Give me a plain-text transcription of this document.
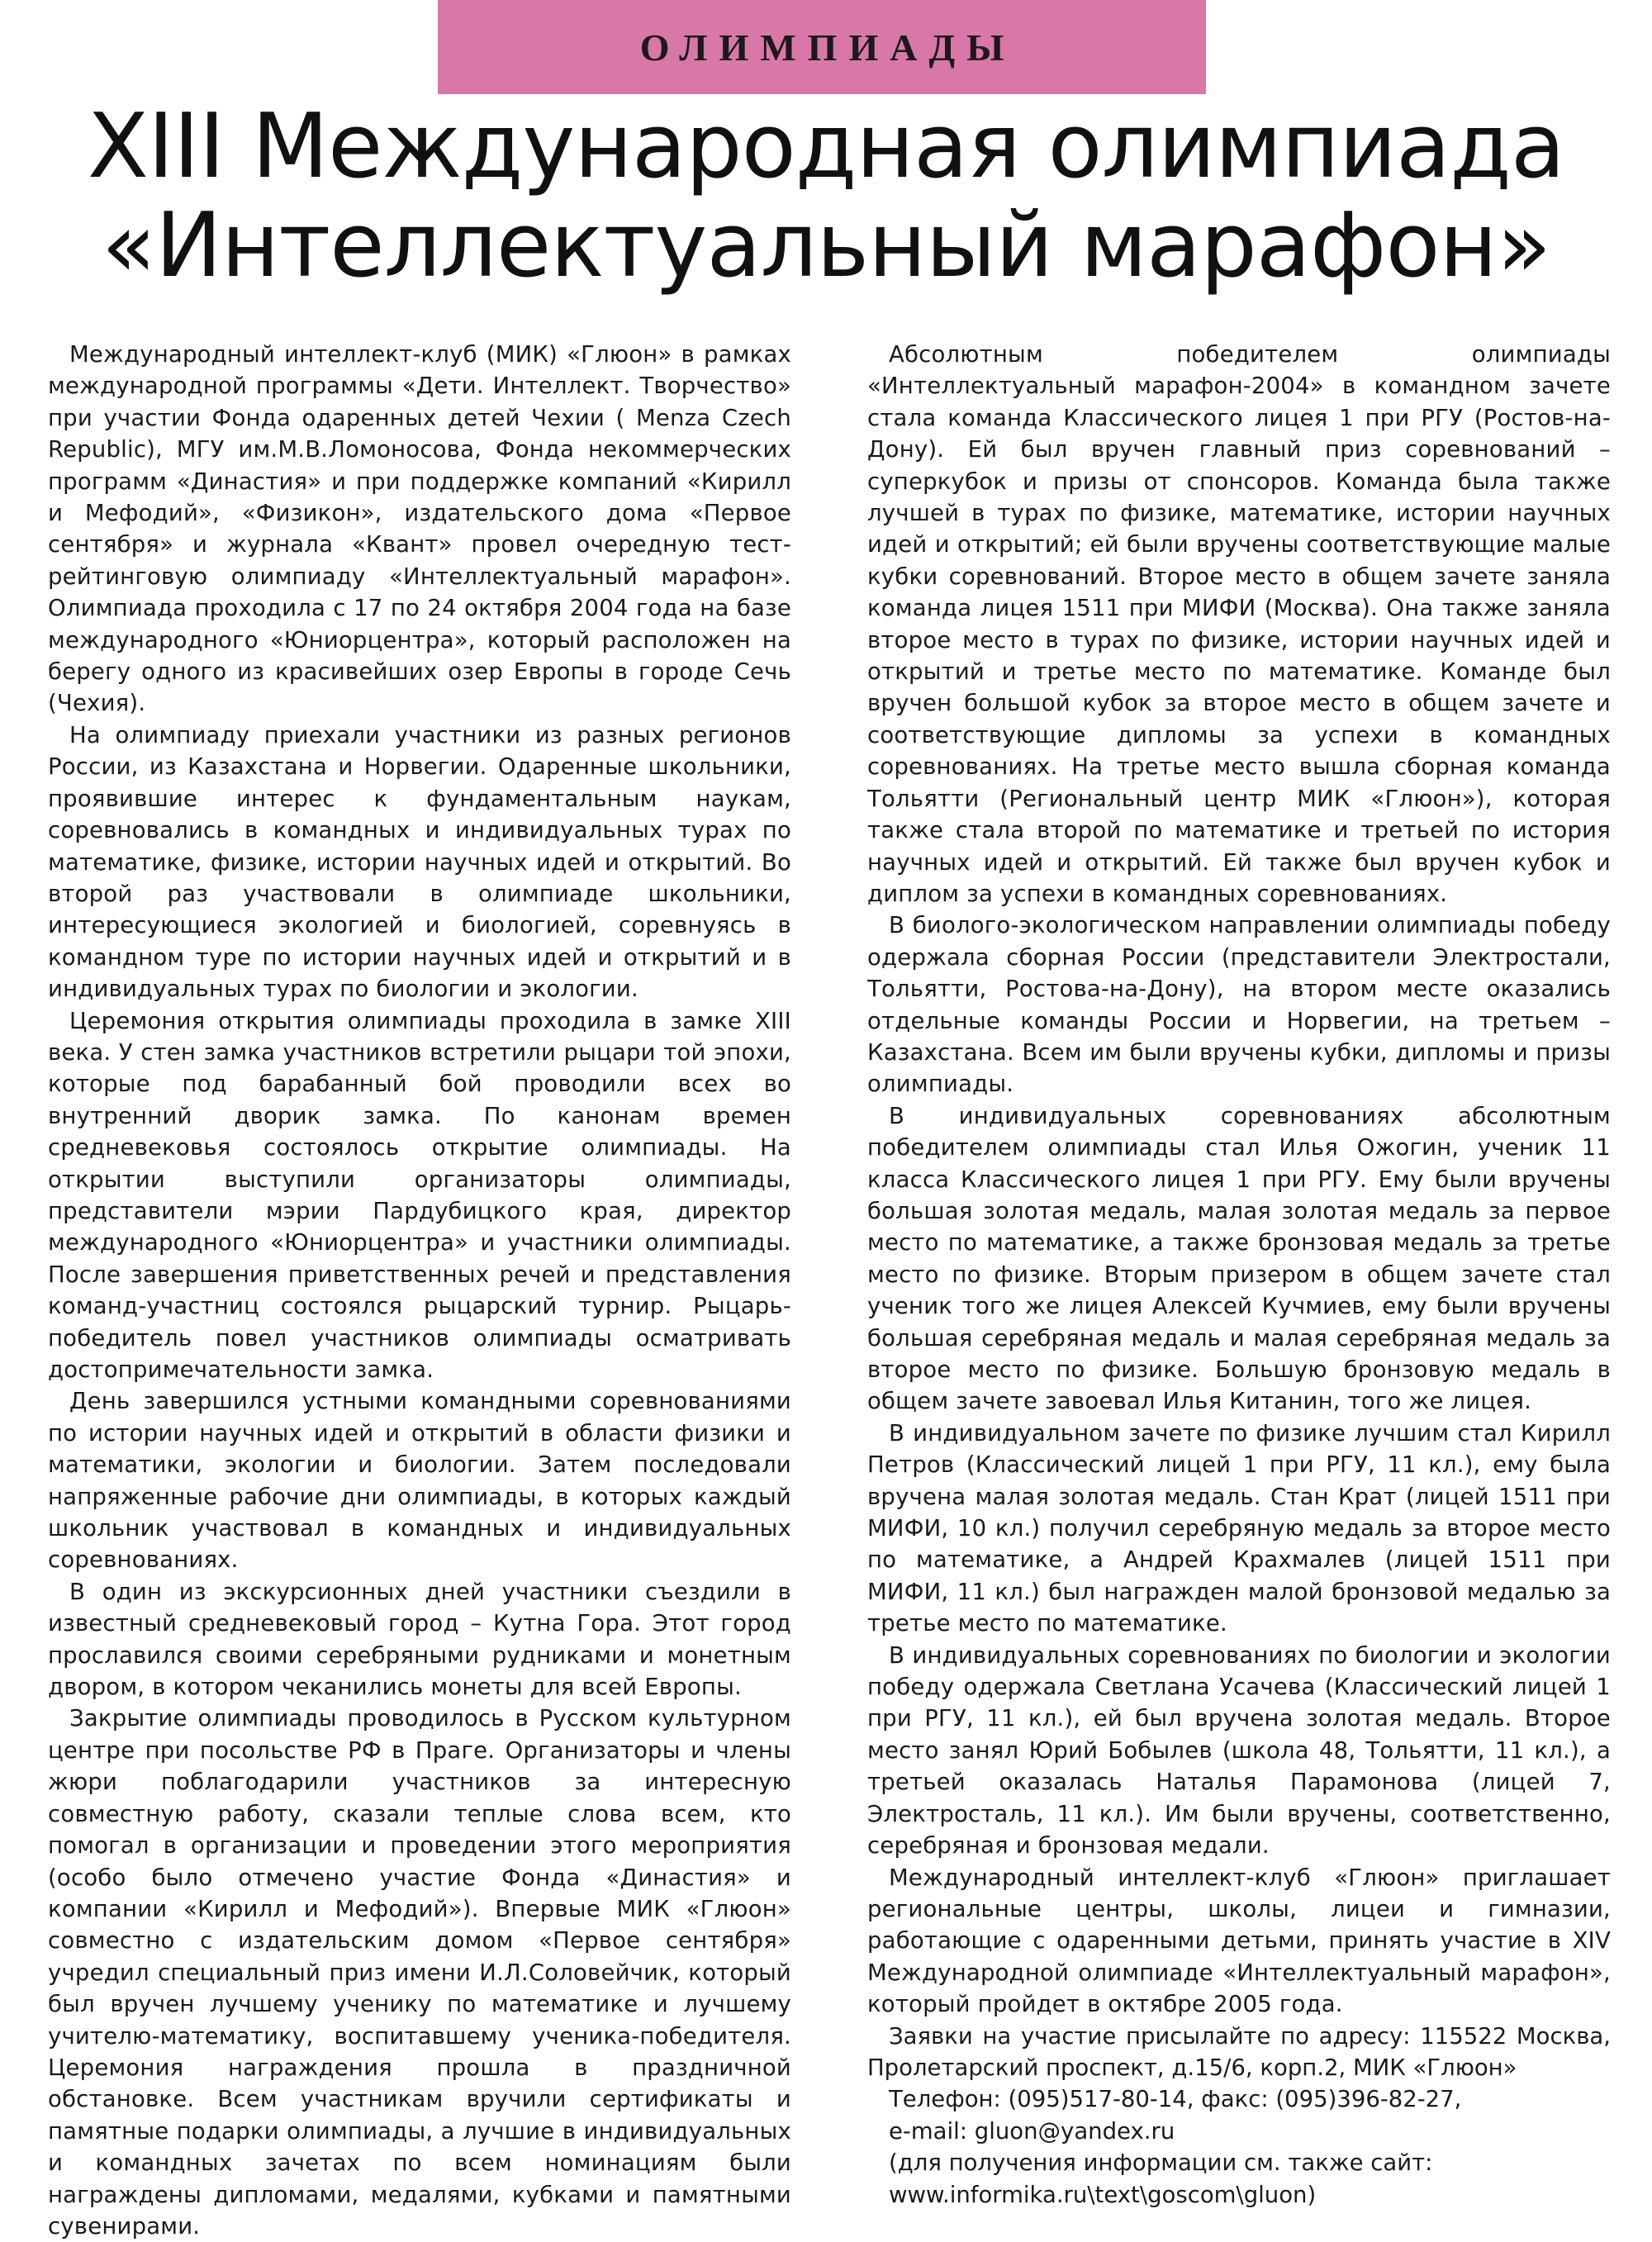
ОЛИМПИАДЫ
XIII Международная олимпиада
«Интеллектуальный марафон»

Международный интеллект-клуб (МИК) «Глюон» в рамках международной программы «Дети. Интеллект. Творчество» при участии Фонда одаренных детей Чехии ( Menza Czech Republic), МГУ им.М.В.Ломоносова, Фонда некоммерческих программ «Династия» и при поддержке компаний «Кирилл и Мефодий», «Физикон», издательского дома «Первое сентября» и журнала «Квант» провел очередную тест-рейтинговую олимпиаду «Интеллектуальный марафон». Олимпиада проходила с 17 по 24 октября 2004 года на базе международного «Юниорцентра», который расположен на берегу одного из красивейших озер Европы в городе Сечь (Чехия).

На олимпиаду приехали участники из разных регионов России, из Казахстана и Норвегии. Одаренные школьники, проявившие интерес к фундаментальным наукам, соревновались в командных и индивидуальных турах по математике, физике, истории научных идей и открытий. Во второй раз участвовали в олимпиаде школьники, интересующиеся экологией и биологией, соревнуясь в командном туре по истории научных идей и открытий и в индивидуальных турах по биологии и экологии.

Церемония открытия олимпиады проходила в замке XIII века. У стен замка участников встретили рыцари той эпохи, которые под барабанный бой проводили всех во внутренний дворик замка. По канонам времен средневековья состоялось открытие олимпиады. На открытии выступили организаторы олимпиады, представители мэрии Пардубицкого края, директор международного «Юниорцентра» и участники олимпиады. После завершения приветственных речей и представления команд-участниц состоялся рыцарский турнир. Рыцарь-победитель повел участников олимпиады осматривать достопримечательности замка.

День завершился устными командными соревнованиями по истории научных идей и открытий в области физики и математики, экологии и биологии. Затем последовали напряженные рабочие дни олимпиады, в которых каждый школьник участвовал в командных и индивидуальных соревнованиях.

В один из экскурсионных дней участники съездили в известный средневековый город – Кутна Гора. Этот город прославился своими серебряными рудниками и монетным двором, в котором чеканились монеты для всей Европы.

Закрытие олимпиады проводилось в Русском культурном центре при посольстве РФ в Праге. Организаторы и члены жюри поблагодарили участников за интересную совместную работу, сказали теплые слова всем, кто помогал в организации и проведении этого мероприятия (особо было отмечено участие Фонда «Династия» и компании «Кирилл и Мефодий»). Впервые МИК «Глюон» совместно с издательским домом «Первое сентября» учредил специальный приз имени И.Л.Соловейчик, который был вручен лучшему ученику по математике и лучшему учителю-математику, воспитавшему ученика-победителя. Церемония награждения прошла в праздничной обстановке. Всем участникам вручили сертификаты и памятные подарки олимпиады, а лучшие в индивидуальных и командных зачетах по всем номинациям были награждены дипломами, медалями, кубками и памятными сувенирами.

Абсолютным победителем олимпиады «Интеллектуальный марафон-2004» в командном зачете стала команда Классического лицея 1 при РГУ (Ростов-на-Дону). Ей был вручен главный приз соревнований – суперкубок и призы от спонсоров. Команда была также лучшей в турах по физике, математике, истории научных идей и открытий; ей были вручены соответствующие малые кубки соревнований. Второе место в общем зачете заняла команда лицея 1511 при МИФИ (Москва). Она также заняла второе место в турах по физике, истории научных идей и открытий и третье место по математике. Команде был вручен большой кубок за второе место в общем зачете и соответствующие дипломы за успехи в командных соревнованиях. На третье место вышла сборная команда Тольятти (Региональный центр МИК «Глюон»), которая также стала второй по математике и третьей по история научных идей и открытий. Ей также был вручен кубок и диплом за успехи в командных соревнованиях.

В биолого-экологическом направлении олимпиады победу одержала сборная России (представители Электростали, Тольятти, Ростова-на-Дону), на втором месте оказались отдельные команды России и Норвегии, на третьем – Казахстана. Всем им были вручены кубки, дипломы и призы олимпиады.

В индивидуальных соревнованиях абсолютным победителем олимпиады стал Илья Ожогин, ученик 11 класса Классического лицея 1 при РГУ. Ему были вручены большая золотая медаль, малая золотая медаль за первое место по математике, а также бронзовая медаль за третье место по физике. Вторым призером в общем зачете стал ученик того же лицея Алексей Кучмиев, ему были вручены большая серебряная медаль и малая серебряная медаль за второе место по физике. Большую бронзовую медаль в общем зачете завоевал Илья Китанин, того же лицея.

В индивидуальном зачете по физике лучшим стал Кирилл Петров (Классический лицей 1 при РГУ, 11 кл.), ему была вручена малая золотая медаль. Стан Крат (лицей 1511 при МИФИ, 10 кл.) получил серебряную медаль за второе место по математике, а Андрей Крахмалев (лицей 1511 при МИФИ, 11 кл.) был награжден малой бронзовой медалью за третье место по математике.

В индивидуальных соревнованиях по биологии и экологии победу одержала Светлана Усачева (Классический лицей 1 при РГУ, 11 кл.), ей был вручена золотая медаль. Второе место занял Юрий Бобылев (школа 48, Тольятти, 11 кл.), а третьей оказалась Наталья Парамонова (лицей 7, Электросталь, 11 кл.). Им были вручены, соответственно, серебряная и бронзовая медали.

Международный интеллект-клуб «Глюон» приглашает региональные центры, школы, лицеи и гимназии, работающие с одаренными детьми, принять участие в XIV Международной олимпиаде «Интеллектуальный марафон», который пройдет в октябре 2005 года.

Заявки на участие присылайте по адресу: 115522 Москва, Пролетарский проспект, д.15/6, корп.2, МИК «Глюон»
Телефон: (095)517-80-14, факс: (095)396-82-27,
e-mail: gluon@yandex.ru
(для получения информации см. также сайт:
www.informika.ru\text\goscom\gluon)
